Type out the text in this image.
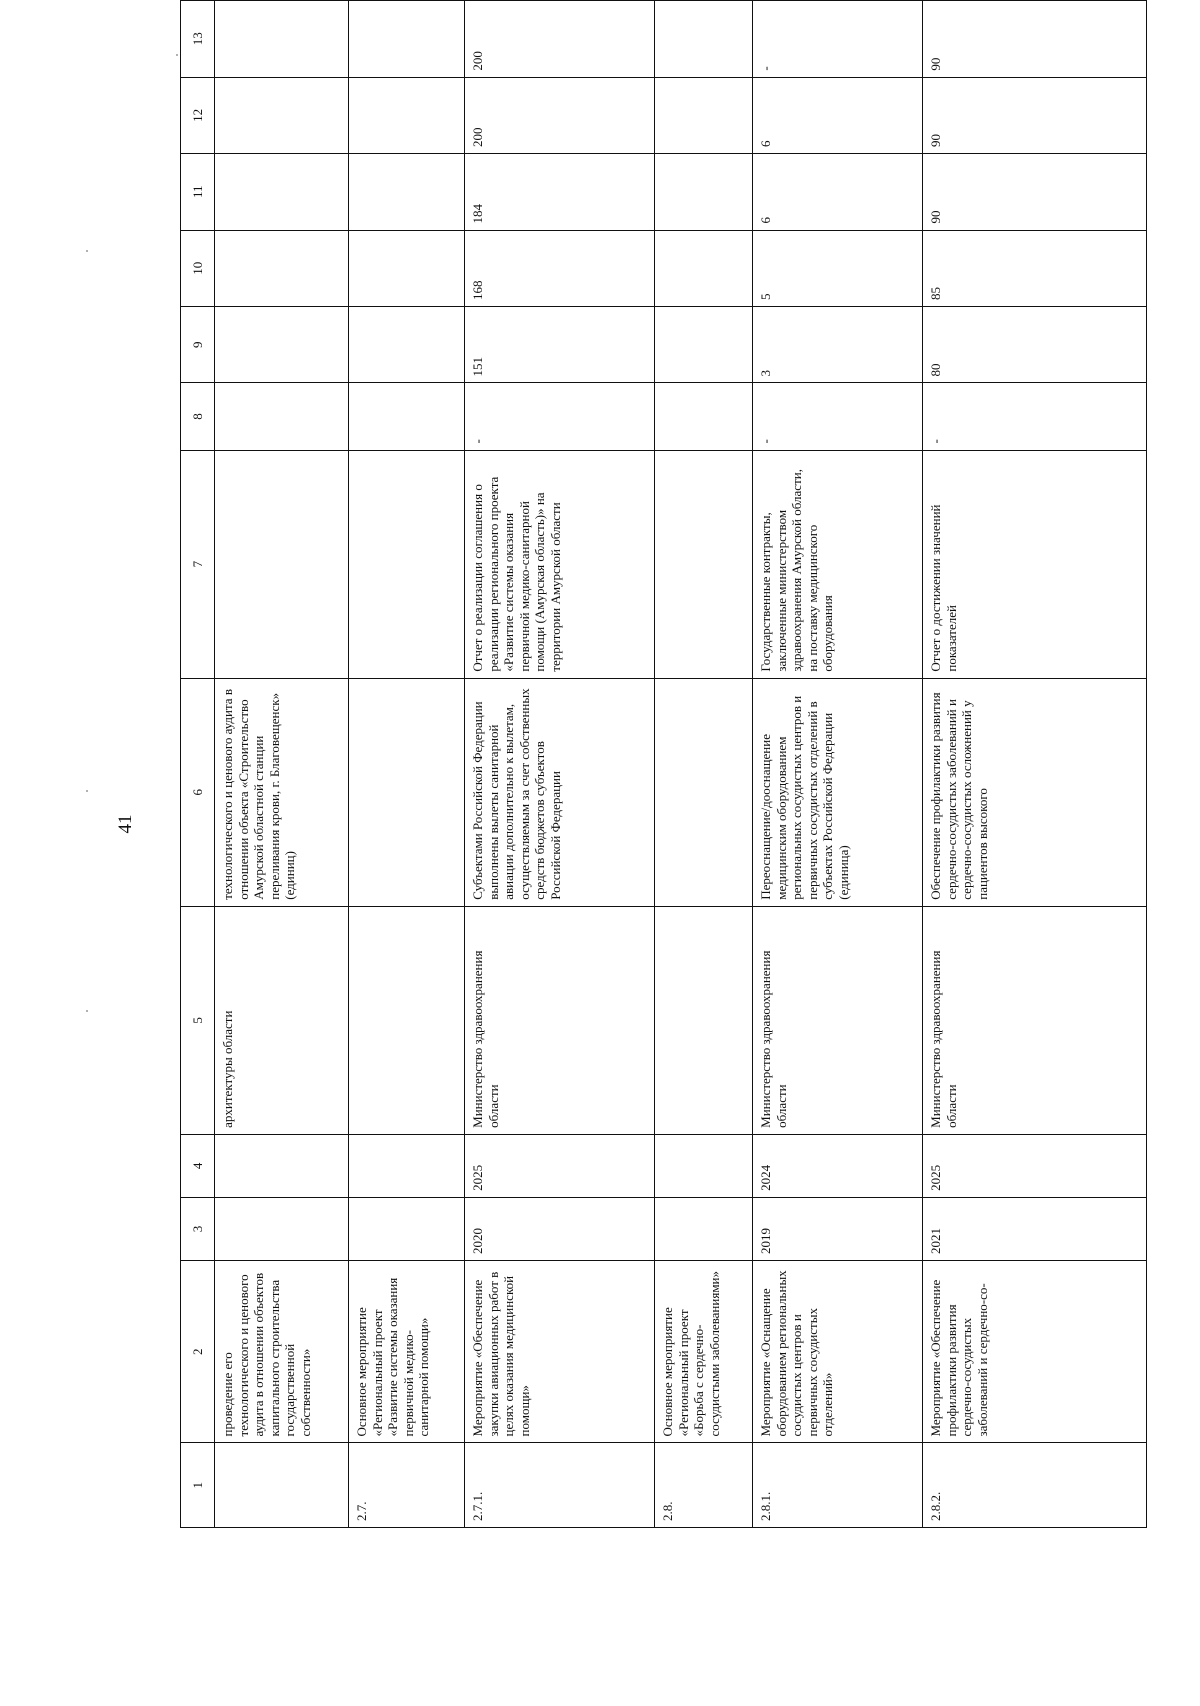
41
1	2	3	4	5	6	7	8	9	10	11	12	13
	проведение его технологического и ценового аудита в отношении объектов капитального строительства государственной собственности»			архитектуры области	технологического и ценового аудита в отношении объекта «Строительство Амурской областной станции переливания крови, г. Благовещенск» (единиц)							
2.7.	Основное мероприятие «Региональный проект «Развитие системы оказания первичной медико-санитарной помощи»											
2.7.1.	Мероприятие «Обеспечение закупки авиационных работ в целях оказания медицинской помощи»	2020	2025	Министерство здравоохранения области	Субъектами Российской Федерации выполнены вылеты санитарной авиации дополнительно к вылетам, осуществляемым за счет собственных средств бюджетов субъектов Российской Федерации	Отчет о реализации соглашения о реализации регионального проекта «Развитие системы оказания первичной медико-санитарной помощи (Амурская область)» на территории Амурской области	-	151	168	184	200	200
2.8.	Основное мероприятие «Региональный проект «Борьба с сердечно-сосудистыми заболеваниями»											
2.8.1.	Мероприятие «Оснащение оборудованием региональных сосудистых центров и первичных сосудистых отделений»	2019	2024	Министерство здравоохранения области	Переоснащение/дооснащение медицинским оборудованием региональных сосудистых центров и первичных сосудистых отделений в субъектах Российской Федерации (единица)	Государственные контракты, заключенные министерством здравоохранения Амурской области, на поставку медицинского оборудования	-	3	5	6	6	-
2.8.2.	Мероприятие «Обеспечение профилактики развития сердечно-сосудистых заболеваний и сердечно-со-	2021	2025	Министерство здравоохранения области	Обеспечение профилактики развития сердечно-сосудистых заболеваний и сердечно-сосудистых осложнений у пациентов высокого	Отчет о достижении значений показателей	-	80	85	90	90	90
